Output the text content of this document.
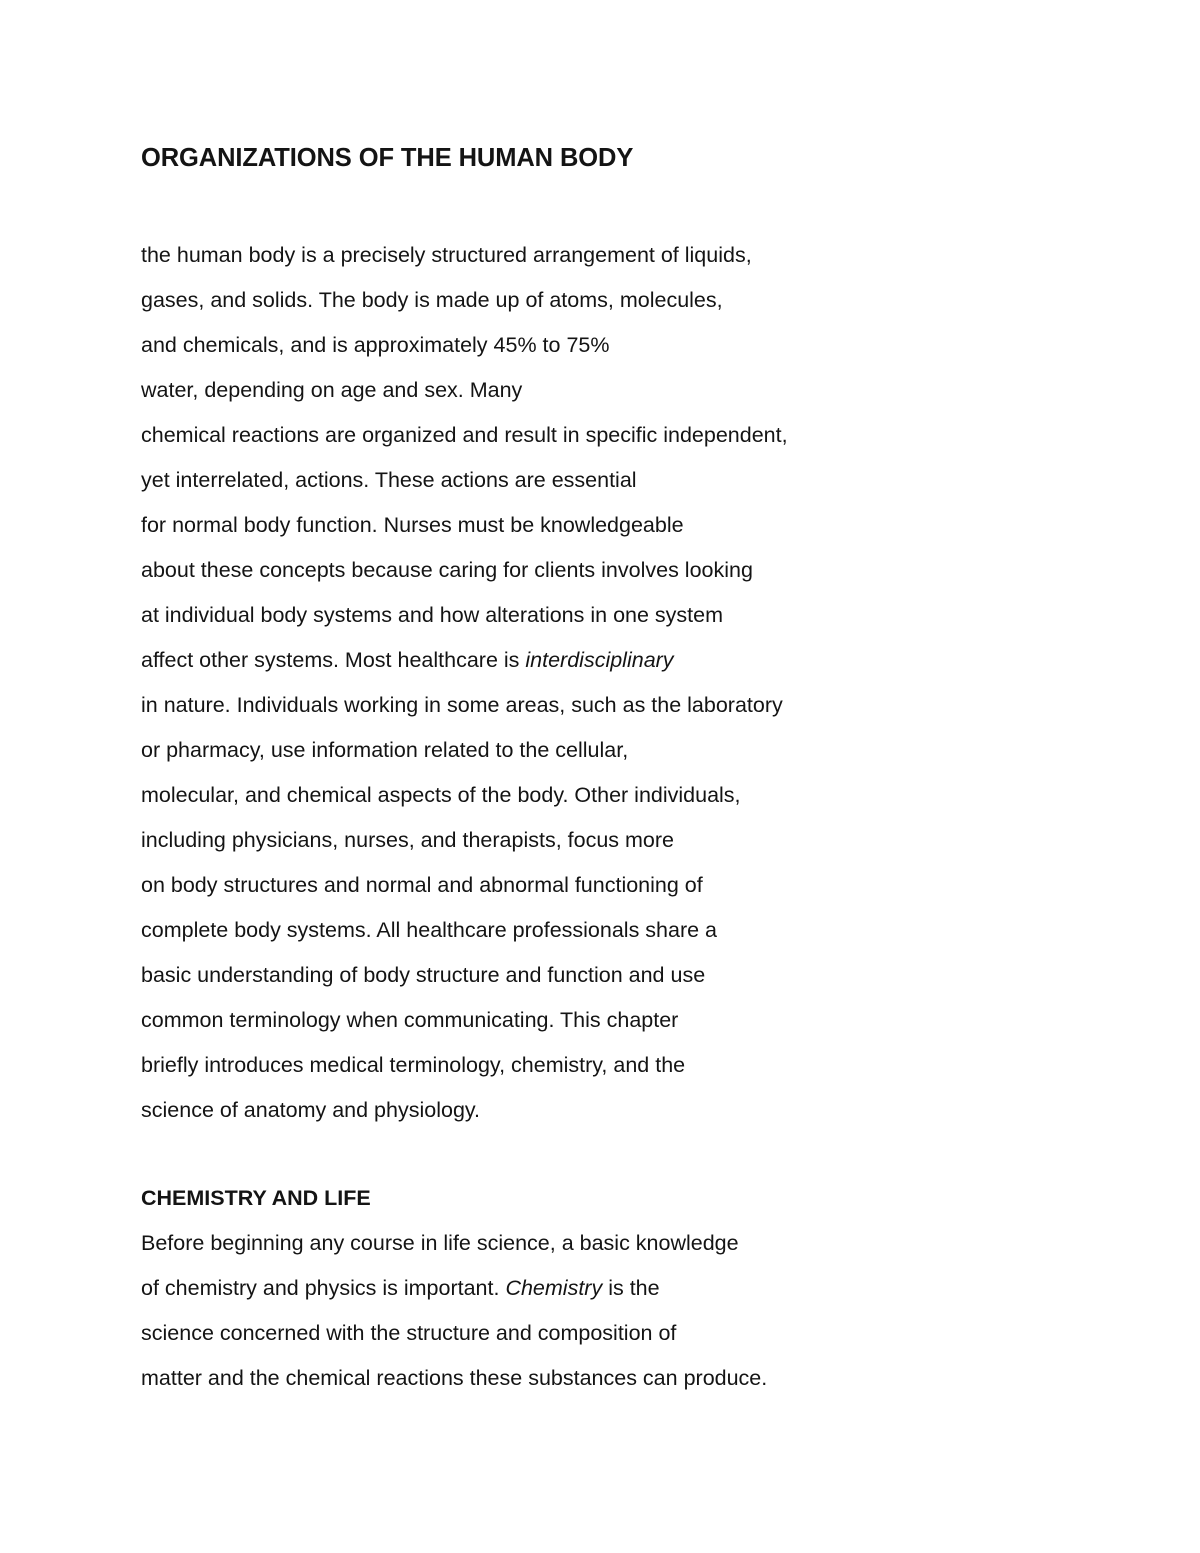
ORGANIZATIONS OF THE HUMAN BODY
the human body is a precisely structured arrangement of liquids,
gases, and solids. The body is made up of atoms, molecules,
and chemicals, and is approximately 45% to 75%
water, depending on age and sex. Many
chemical reactions are organized and result in specific independent,
yet interrelated, actions. These actions are essential
for normal body function. Nurses must be knowledgeable
about these concepts because caring for clients involves looking
at individual body systems and how alterations in one system
affect other systems. Most healthcare is interdisciplinary
in nature. Individuals working in some areas, such as the laboratory
or pharmacy, use information related to the cellular,
molecular, and chemical aspects of the body. Other individuals,
including physicians, nurses, and therapists, focus more
on body structures and normal and abnormal functioning of
complete body systems. All healthcare professionals share a
basic understanding of body structure and function and use
common terminology when communicating. This chapter
briefly introduces medical terminology, chemistry, and the
science of anatomy and physiology.
CHEMISTRY AND LIFE
Before beginning any course in life science, a basic knowledge
of chemistry and physics is important. Chemistry is the
science concerned with the structure and composition of
matter and the chemical reactions these substances can produce.
